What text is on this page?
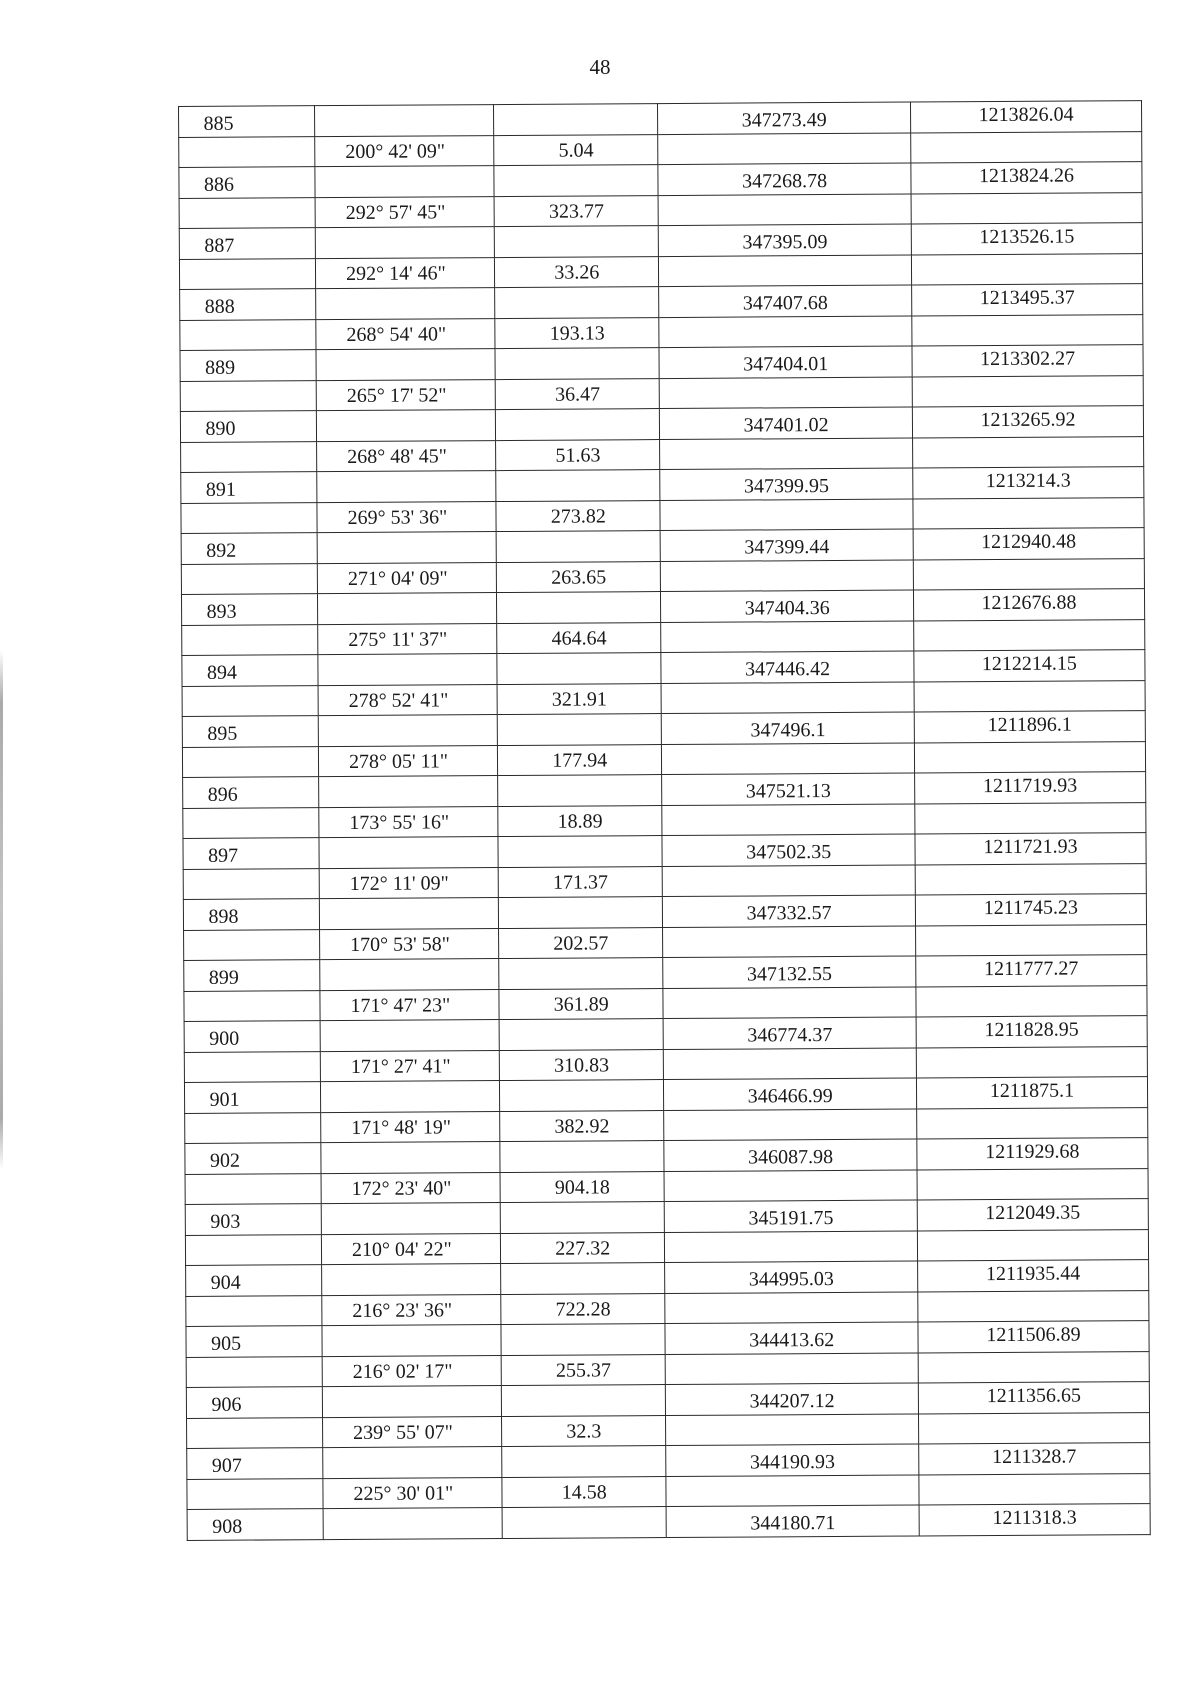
48
885			347273.49	1213826.04
	200° 42' 09"	5.04		
886			347268.78	1213824.26
	292° 57' 45"	323.77		
887			347395.09	1213526.15
	292° 14' 46"	33.26		
888			347407.68	1213495.37
	268° 54' 40"	193.13		
889			347404.01	1213302.27
	265° 17' 52"	36.47		
890			347401.02	1213265.92
	268° 48' 45"	51.63		
891			347399.95	1213214.3
	269° 53' 36"	273.82		
892			347399.44	1212940.48
	271° 04' 09"	263.65		
893			347404.36	1212676.88
	275° 11' 37"	464.64		
894			347446.42	1212214.15
	278° 52' 41"	321.91		
895			347496.1	1211896.1
	278° 05' 11"	177.94		
896			347521.13	1211719.93
	173° 55' 16"	18.89		
897			347502.35	1211721.93
	172° 11' 09"	171.37		
898			347332.57	1211745.23
	170° 53' 58"	202.57		
899			347132.55	1211777.27
	171° 47' 23"	361.89		
900			346774.37	1211828.95
	171° 27' 41"	310.83		
901			346466.99	1211875.1
	171° 48' 19"	382.92		
902			346087.98	1211929.68
	172° 23' 40"	904.18		
903			345191.75	1212049.35
	210° 04' 22"	227.32		
904			344995.03	1211935.44
	216° 23' 36"	722.28		
905			344413.62	1211506.89
	216° 02' 17"	255.37		
906			344207.12	1211356.65
	239° 55' 07"	32.3		
907			344190.93	1211328.7
	225° 30' 01"	14.58		
908			344180.71	1211318.3
